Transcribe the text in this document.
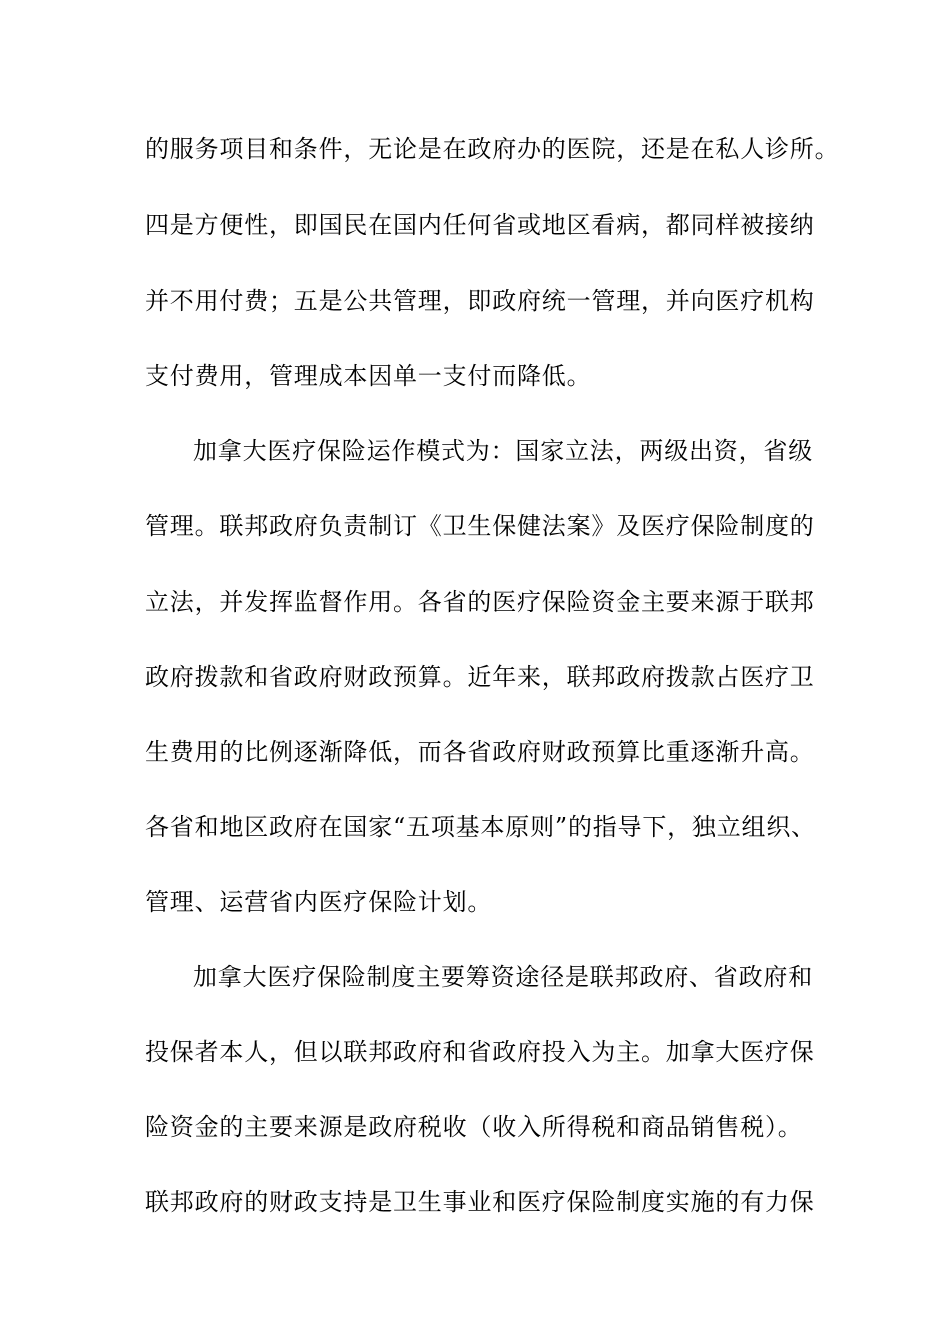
的服务项目和条件，无论是在政府办的医院，还是在私人诊所。
四是方便性，即国民在国内任何省或地区看病，都同样被接纳
并不用付费；五是公共管理，即政府统一管理，并向医疗机构
支付费用，管理成本因单一支付而降低。
加拿大医疗保险运作模式为：国家立法，两级出资，省级
管理。联邦政府负责制订《卫生保健法案》及医疗保险制度的
立法，并发挥监督作用。各省的医疗保险资金主要来源于联邦
政府拨款和省政府财政预算。近年来，联邦政府拨款占医疗卫
生费用的比例逐渐降低，而各省政府财政预算比重逐渐升高。
各省和地区政府在国家“五项基本原则”的指导下，独立组织、
管理、运营省内医疗保险计划。
加拿大医疗保险制度主要筹资途径是联邦政府、省政府和
投保者本人，但以联邦政府和省政府投入为主。加拿大医疗保
险资金的主要来源是政府税收（收入所得税和商品销售税）。
联邦政府的财政支持是卫生事业和医疗保险制度实施的有力保
